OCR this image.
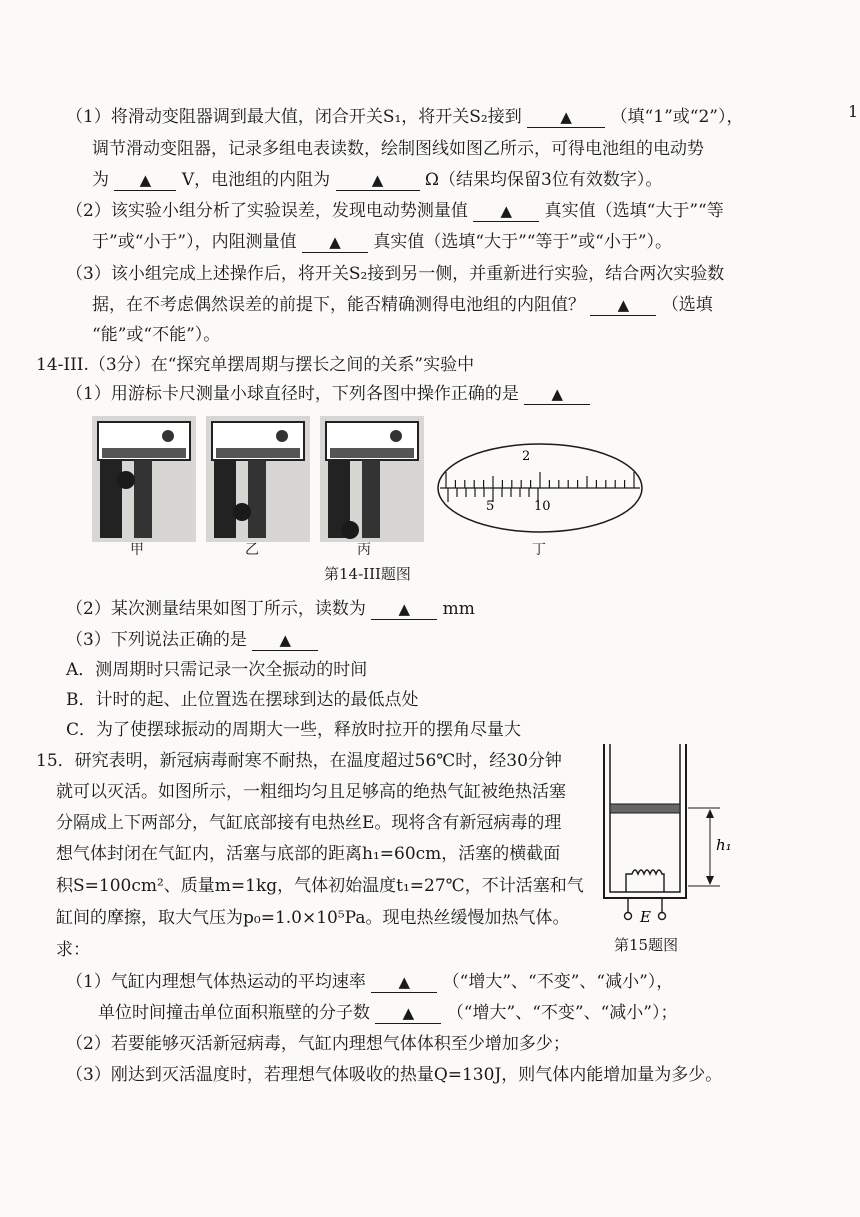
1
（1）将滑动变阻器调到最大值，闭合开关S₁，将开关S₂接到	▲ （填“1”或“2”），
调节滑动变阻器，记录多组电表读数，绘制图线如图乙所示，可得电池组的电动势
为 ▲ V，电池组的内阻为	▲ Ω（结果均保留3位有效数字）。
（2）该实验小组分析了实验误差，发现电动势测量值 ▲ 真实值（选填“大于”“等
于”或“小于”），内阻测量值 ▲ 真实值（选填“大于”“等于”或“小于”）。
（3）该小组完成上述操作后，将开关S₂接到另一侧，并重新进行实验，结合两次实验数
据，在不考虑偶然误差的前提下，能否精确测得电池组的内阻值？ ▲ （选填
“能”或“不能”）。
14-III.（3分）在“探究单摆周期与摆长之间的关系”实验中
（1）用游标卡尺测量小球直径时，下列各图中操作正确的是 ▲
2
5	10
甲	乙	丙	丁
第14-III题图
（2）某次测量结果如图丁所示，读数为 ▲ mm
（3）下列说法正确的是 ▲
A．测周期时只需记录一次全振动的时间
B．计时的起、止位置选在摆球到达的最低点处
C．为了使摆球振动的周期大一些，释放时拉开的摆角尽量大
15．研究表明，新冠病毒耐寒不耐热，在温度超过56℃时，经30分钟
就可以灭活。如图所示，一粗细均匀且足够高的绝热气缸被绝热活塞
分隔成上下两部分，气缸底部接有电热丝E。现将含有新冠病毒的理
想气体封闭在气缸内，活塞与底部的距离h₁=60cm，活塞的横截面
积S=100cm²、质量m=1kg，气体初始温度t₁=27℃，不计活塞和气
缸间的摩擦，取大气压为p₀=1.0×10⁵Pa。现电热丝缓慢加热气体。
求：
E
h₁
第15题图
（1）气缸内理想气体热运动的平均速率 ▲ （“增大”、“不变”、“减小”），
单位时间撞击单位面积瓶壁的分子数 ▲ （“增大”、“不变”、“减小”）；
（2）若要能够灭活新冠病毒，气缸内理想气体体积至少增加多少；
（3）刚达到灭活温度时，若理想气体吸收的热量Q=130J，则气体内能增加量为多少。
